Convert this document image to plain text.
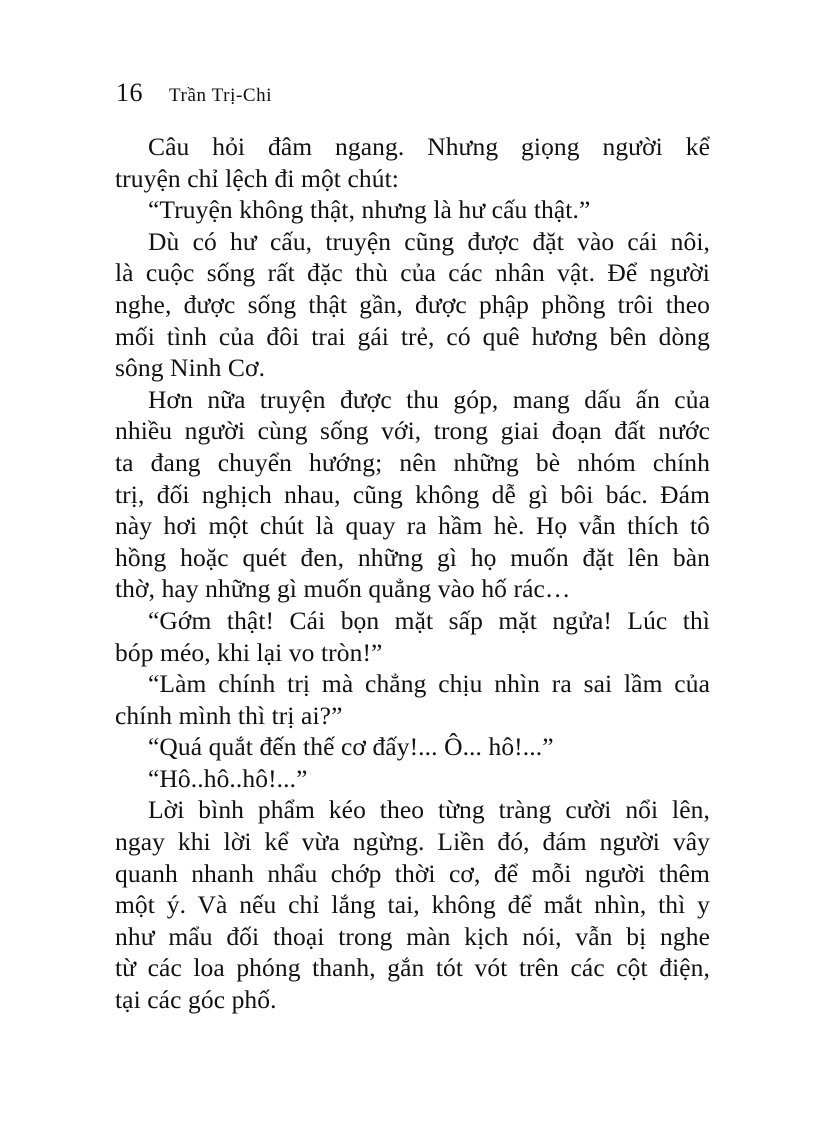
16 Trần Trị-Chi
Câu hỏi đâm ngang. Nhưng giọng người kể
truyện chỉ lệch đi một chút:
“Truyện không thật, nhưng là hư cấu thật.”
Dù có hư cấu, truyện cũng được đặt vào cái nôi,
là cuộc sống rất đặc thù của các nhân vật. Để người
nghe, được sống thật gần, được phập phồng trôi theo
mối tình của đôi trai gái trẻ, có quê hương bên dòng
sông Ninh Cơ.
Hơn nữa truyện được thu góp, mang dấu ấn của
nhiều người cùng sống với, trong giai đoạn đất nước
ta đang chuyển hướng; nên những bè nhóm chính
trị, đối nghịch nhau, cũng không dễ gì bôi bác. Đám
này hơi một chút là quay ra hầm hè. Họ vẫn thích tô
hồng hoặc quét đen, những gì họ muốn đặt lên bàn
thờ, hay những gì muốn quẳng vào hố rác…
“Gớm thật! Cái bọn mặt sấp mặt ngửa! Lúc thì
bóp méo, khi lại vo tròn!”
“Làm chính trị mà chẳng chịu nhìn ra sai lầm của
chính mình thì trị ai?”
“Quá quắt đến thế cơ đấy!... Ô... hô!...”
“Hô..hô..hô!...”
Lời bình phẩm kéo theo từng tràng cười nổi lên,
ngay khi lời kể vừa ngừng. Liền đó, đám người vây
quanh nhanh nhẩu chớp thời cơ, để mỗi người thêm
một ý. Và nếu chỉ lắng tai, không để mắt nhìn, thì y
như mẩu đối thoại trong màn kịch nói, vẫn bị nghe
từ các loa phóng thanh, gắn tót vót trên các cột điện,
tại các góc phố.
